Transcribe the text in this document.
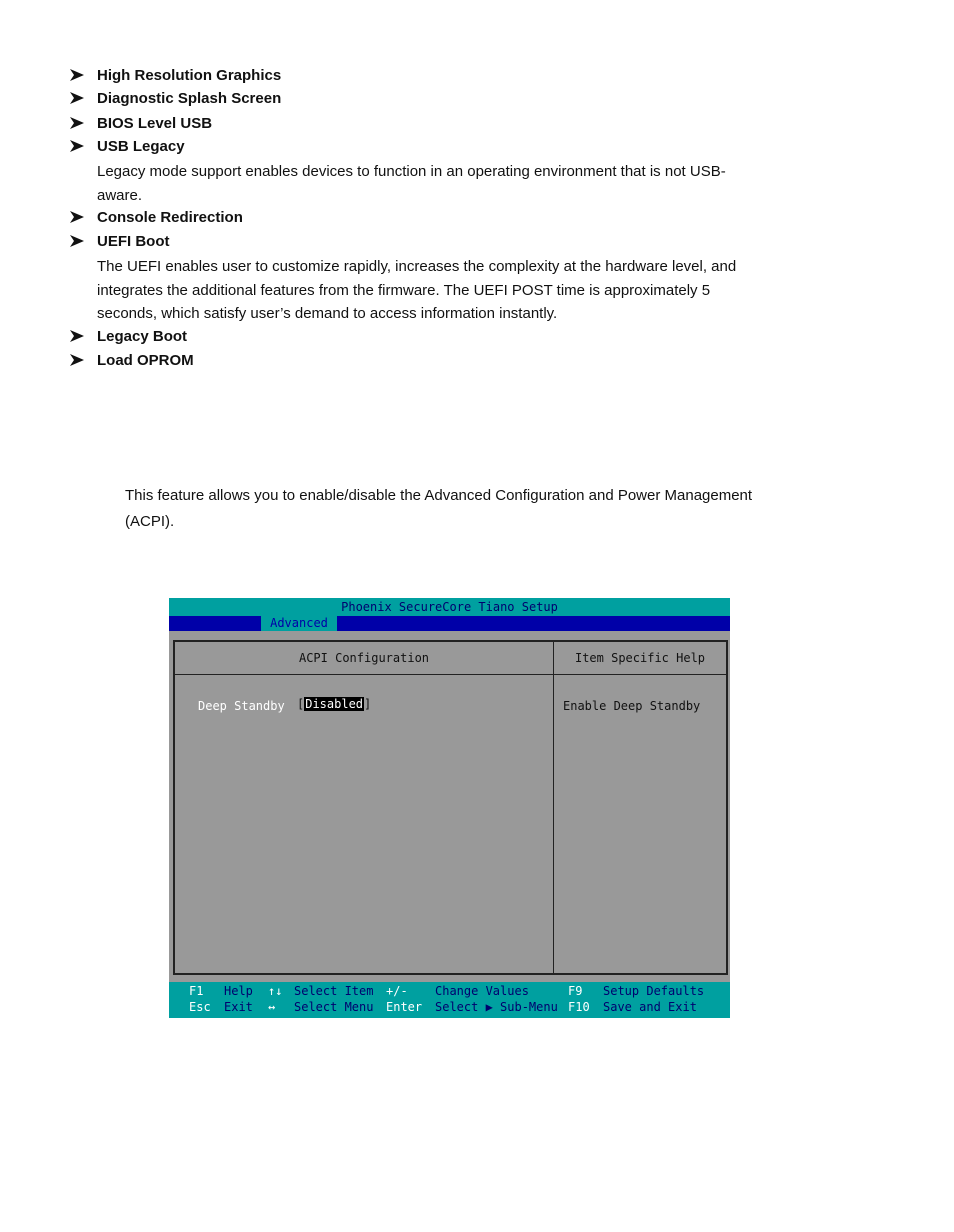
High Resolution Graphics
Diagnostic Splash Screen
BIOS Level USB
USB Legacy
Legacy mode support enables devices to function in an operating environment that is not USB-
aware.
Console Redirection
UEFI Boot
The UEFI enables user to customize rapidly, increases the complexity at the hardware level, and
integrates the additional features from the firmware. The UEFI POST time is approximately 5
seconds, which satisfy user’s demand to access information instantly.
Legacy Boot
Load OPROM
This feature allows you to enable/disable the Advanced Configuration and Power Management
(ACPI).
Phoenix SecureCore Tiano Setup
Advanced
ACPI Configuration	Item Specific Help
Deep Standby [Disabled]	Enable Deep Standby
F1 Help ↑↓ Select Item +/- Change Values	F9 Setup Defaults
Esc Exit ↔ Select Menu Enter Select ▶ Sub-Menu F10 Save and Exit
